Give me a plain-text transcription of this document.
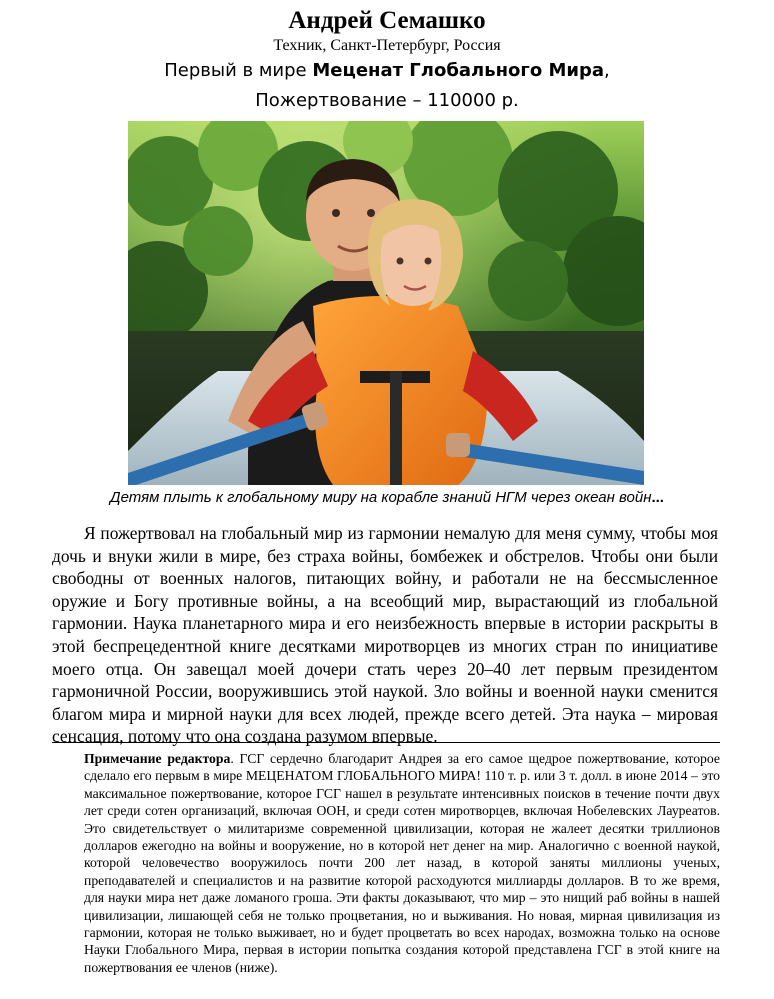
Андрей Семашко

Техник, Санкт-Петербург, Россия

Первый в мире Меценат Глобального Мира,

Пожертвование – 110000 р.

Детям плыть к глобальному миру на корабле знаний НГМ через океан войн...

Я пожертвовал на глобальный мир из гармонии немалую для меня сумму, чтобы моя дочь и внуки жили в мире, без страха войны, бомбежек и обстрелов. Чтобы они были свободны от военных налогов, питающих войну, и работали не на бессмысленное оружие и Богу противные войны, а на всеобщий мир, вырастающий из глобальной гармонии. Наука планетарного мира и его неизбежность впервые в истории раскрыты в этой беспрецедентной книге десятками миротворцев из многих стран по инициативе моего отца. Он завещал моей дочери стать через 20–40 лет первым президентом гармоничной России, вооружившись этой наукой. Зло войны и военной науки сменится благом мира и мирной науки для всех людей, прежде всего детей. Эта наука – мировая сенсация, потому что она создана разумом впервые.

Примечание редактора. ГСГ сердечно благодарит Андрея за его самое щедрое пожертвование, которое сделало его первым в мире МЕЦЕНАТОМ ГЛОБАЛЬНОГО МИРА! 110 т. р. или 3 т. долл. в июне 2014 – это максимальное пожертвование, которое ГСГ нашел в результате интенсивных поисков в течение почти двух лет среди сотен организаций, включая ООН, и среди сотен миротворцев, включая Нобелевских Лауреатов. Это свидетельствует о милитаризме современной цивилизации, которая не жалеет десятки триллионов долларов ежегодно на войны и вооружение, но в которой нет денег на мир. Аналогично с военной наукой, которой человечество вооружилось почти 200 лет назад, в которой заняты миллионы ученых, преподавателей и специалистов и на развитие которой расходуются миллиарды долларов. В то же время, для науки мира нет даже ломаного гроша. Эти факты доказывают, что мир – это нищий раб войны в нашей цивилизации, лишающей себя не только процветания, но и выживания. Но новая, мирная цивилизация из гармонии, которая не только выживает, но и будет процветать во всех народах, возможна только на основе Науки Глобального Мира, первая в истории попытка создания которой представлена ГСГ в этой книге на пожертвования ее членов (ниже).
